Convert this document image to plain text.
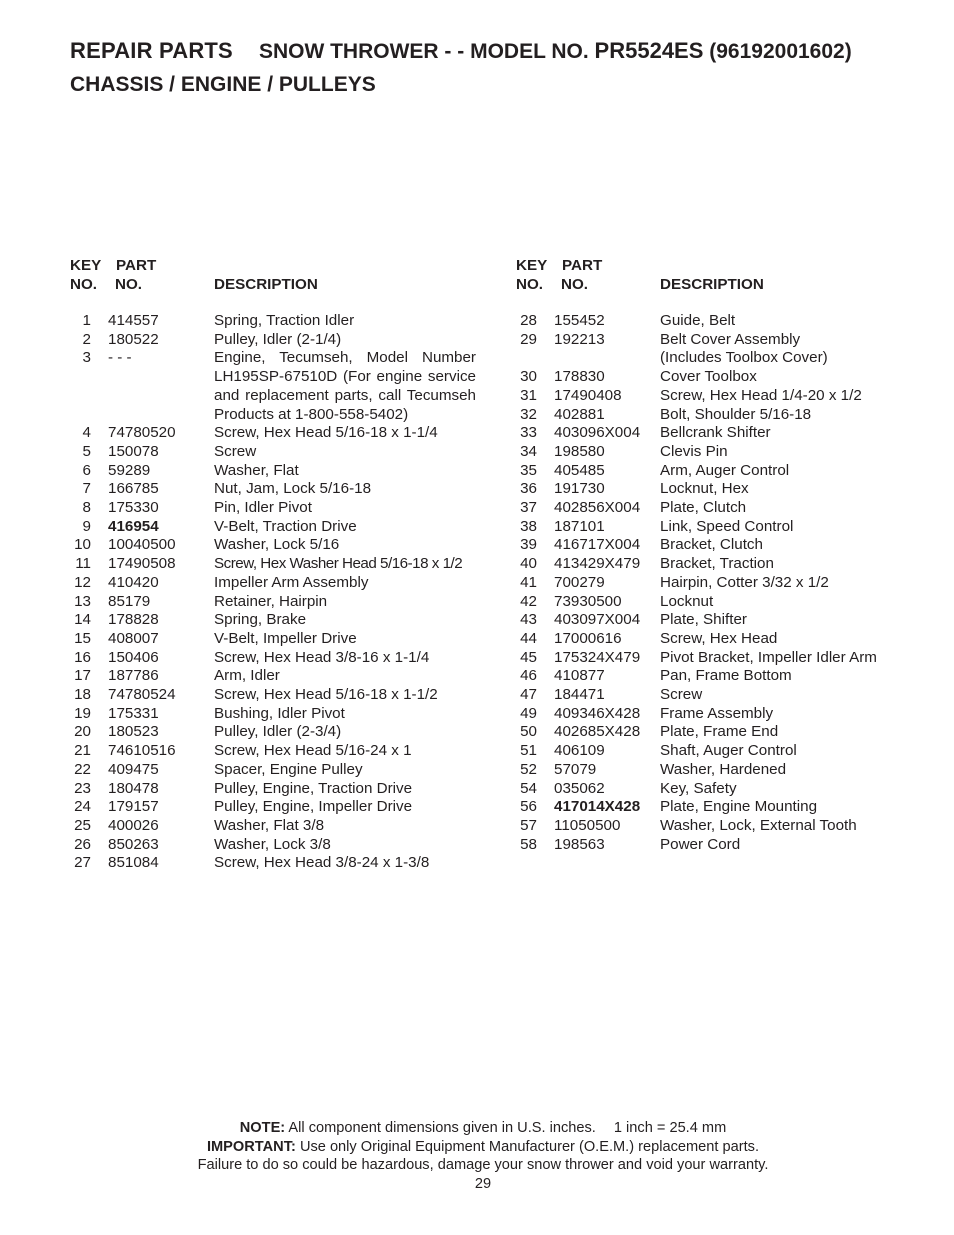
REPAIR PARTS SNOW THROWER - - MODEL NO. PR5524ES (96192001602)
CHASSIS / ENGINE / PULLEYS
KEY
NO.
PART
NO.	DESCRIPTION
1 414557	Spring, Traction Idler
2 180522	Pulley, Idler (2-1/4)
3 - - -	Engine, Tecumseh, Model Number LH195SP-67510D (For engine service and replacement parts, call Tecumseh Products at 1-800-558-5402)
4 74780520	Screw, Hex Head 5/16-18 x 1-1/4
5 150078	Screw
6 59289	Washer, Flat
7 166785	Nut, Jam, Lock 5/16-18
8 175330	Pin, Idler Pivot
9 416954	V-Belt, Traction Drive
10 10040500	Washer, Lock 5/16
11 17490508	Screw, Hex Washer Head 5/16-18 x 1/2
12 410420	Impeller Arm Assembly
13 85179	Retainer, Hairpin
14 178828	Spring, Brake
15 408007	V-Belt, Impeller Drive
16 150406	Screw, Hex Head 3/8-16 x 1-1/4
17 187786	Arm, Idler
18 74780524	Screw, Hex Head 5/16-18 x 1-1/2
19 175331	Bushing, Idler Pivot
20 180523	Pulley, Idler (2-3/4)
21 74610516	Screw, Hex Head 5/16-24 x 1
22 409475	Spacer, Engine Pulley
23 180478	Pulley, Engine, Traction Drive
24 179157	Pulley, Engine, Impeller Drive
25 400026	Washer, Flat 3/8
26 850263	Washer, Lock 3/8
27 851084	Screw, Hex Head 3/8-24 x 1-3/8
KEY
NO.
PART
NO.	DESCRIPTION
28 155452	Guide, Belt
29 192213	Belt Cover Assembly
(Includes Toolbox Cover)
30 178830	Cover Toolbox
31 17490408	Screw, Hex Head 1/4-20 x 1/2
32 402881	Bolt, Shoulder 5/16-18
33 403096X004 Bellcrank Shifter
34 198580	Clevis Pin
35 405485	Arm, Auger Control
36 191730	Locknut, Hex
37 402856X004 Plate, Clutch
38 187101	Link, Speed Control
39 416717X004 Bracket, Clutch
40 413429X479 Bracket, Traction
41 700279	Hairpin, Cotter 3/32 x 1/2
42 73930500	Locknut
43 403097X004 Plate, Shifter
44 17000616	Screw, Hex Head
45 175324X479 Pivot Bracket, Impeller Idler Arm
46 410877	Pan, Frame Bottom
47 184471	Screw
49 409346X428 Frame Assembly
50 402685X428 Plate, Frame End
51 406109	Shaft, Auger Control
52 57079	Washer, Hardened
54 035062	Key, Safety
56 417014X428 Plate, Engine Mounting
57 11050500	Washer, Lock, External Tooth
58 198563	Power Cord
NOTE: All component dimensions given in U.S. inches. 1 inch = 25.4 mm
IMPORTANT: Use only Original Equipment Manufacturer (O.E.M.) replacement parts.
Failure to do so could be hazardous, damage your snow thrower and void your warranty.
29
